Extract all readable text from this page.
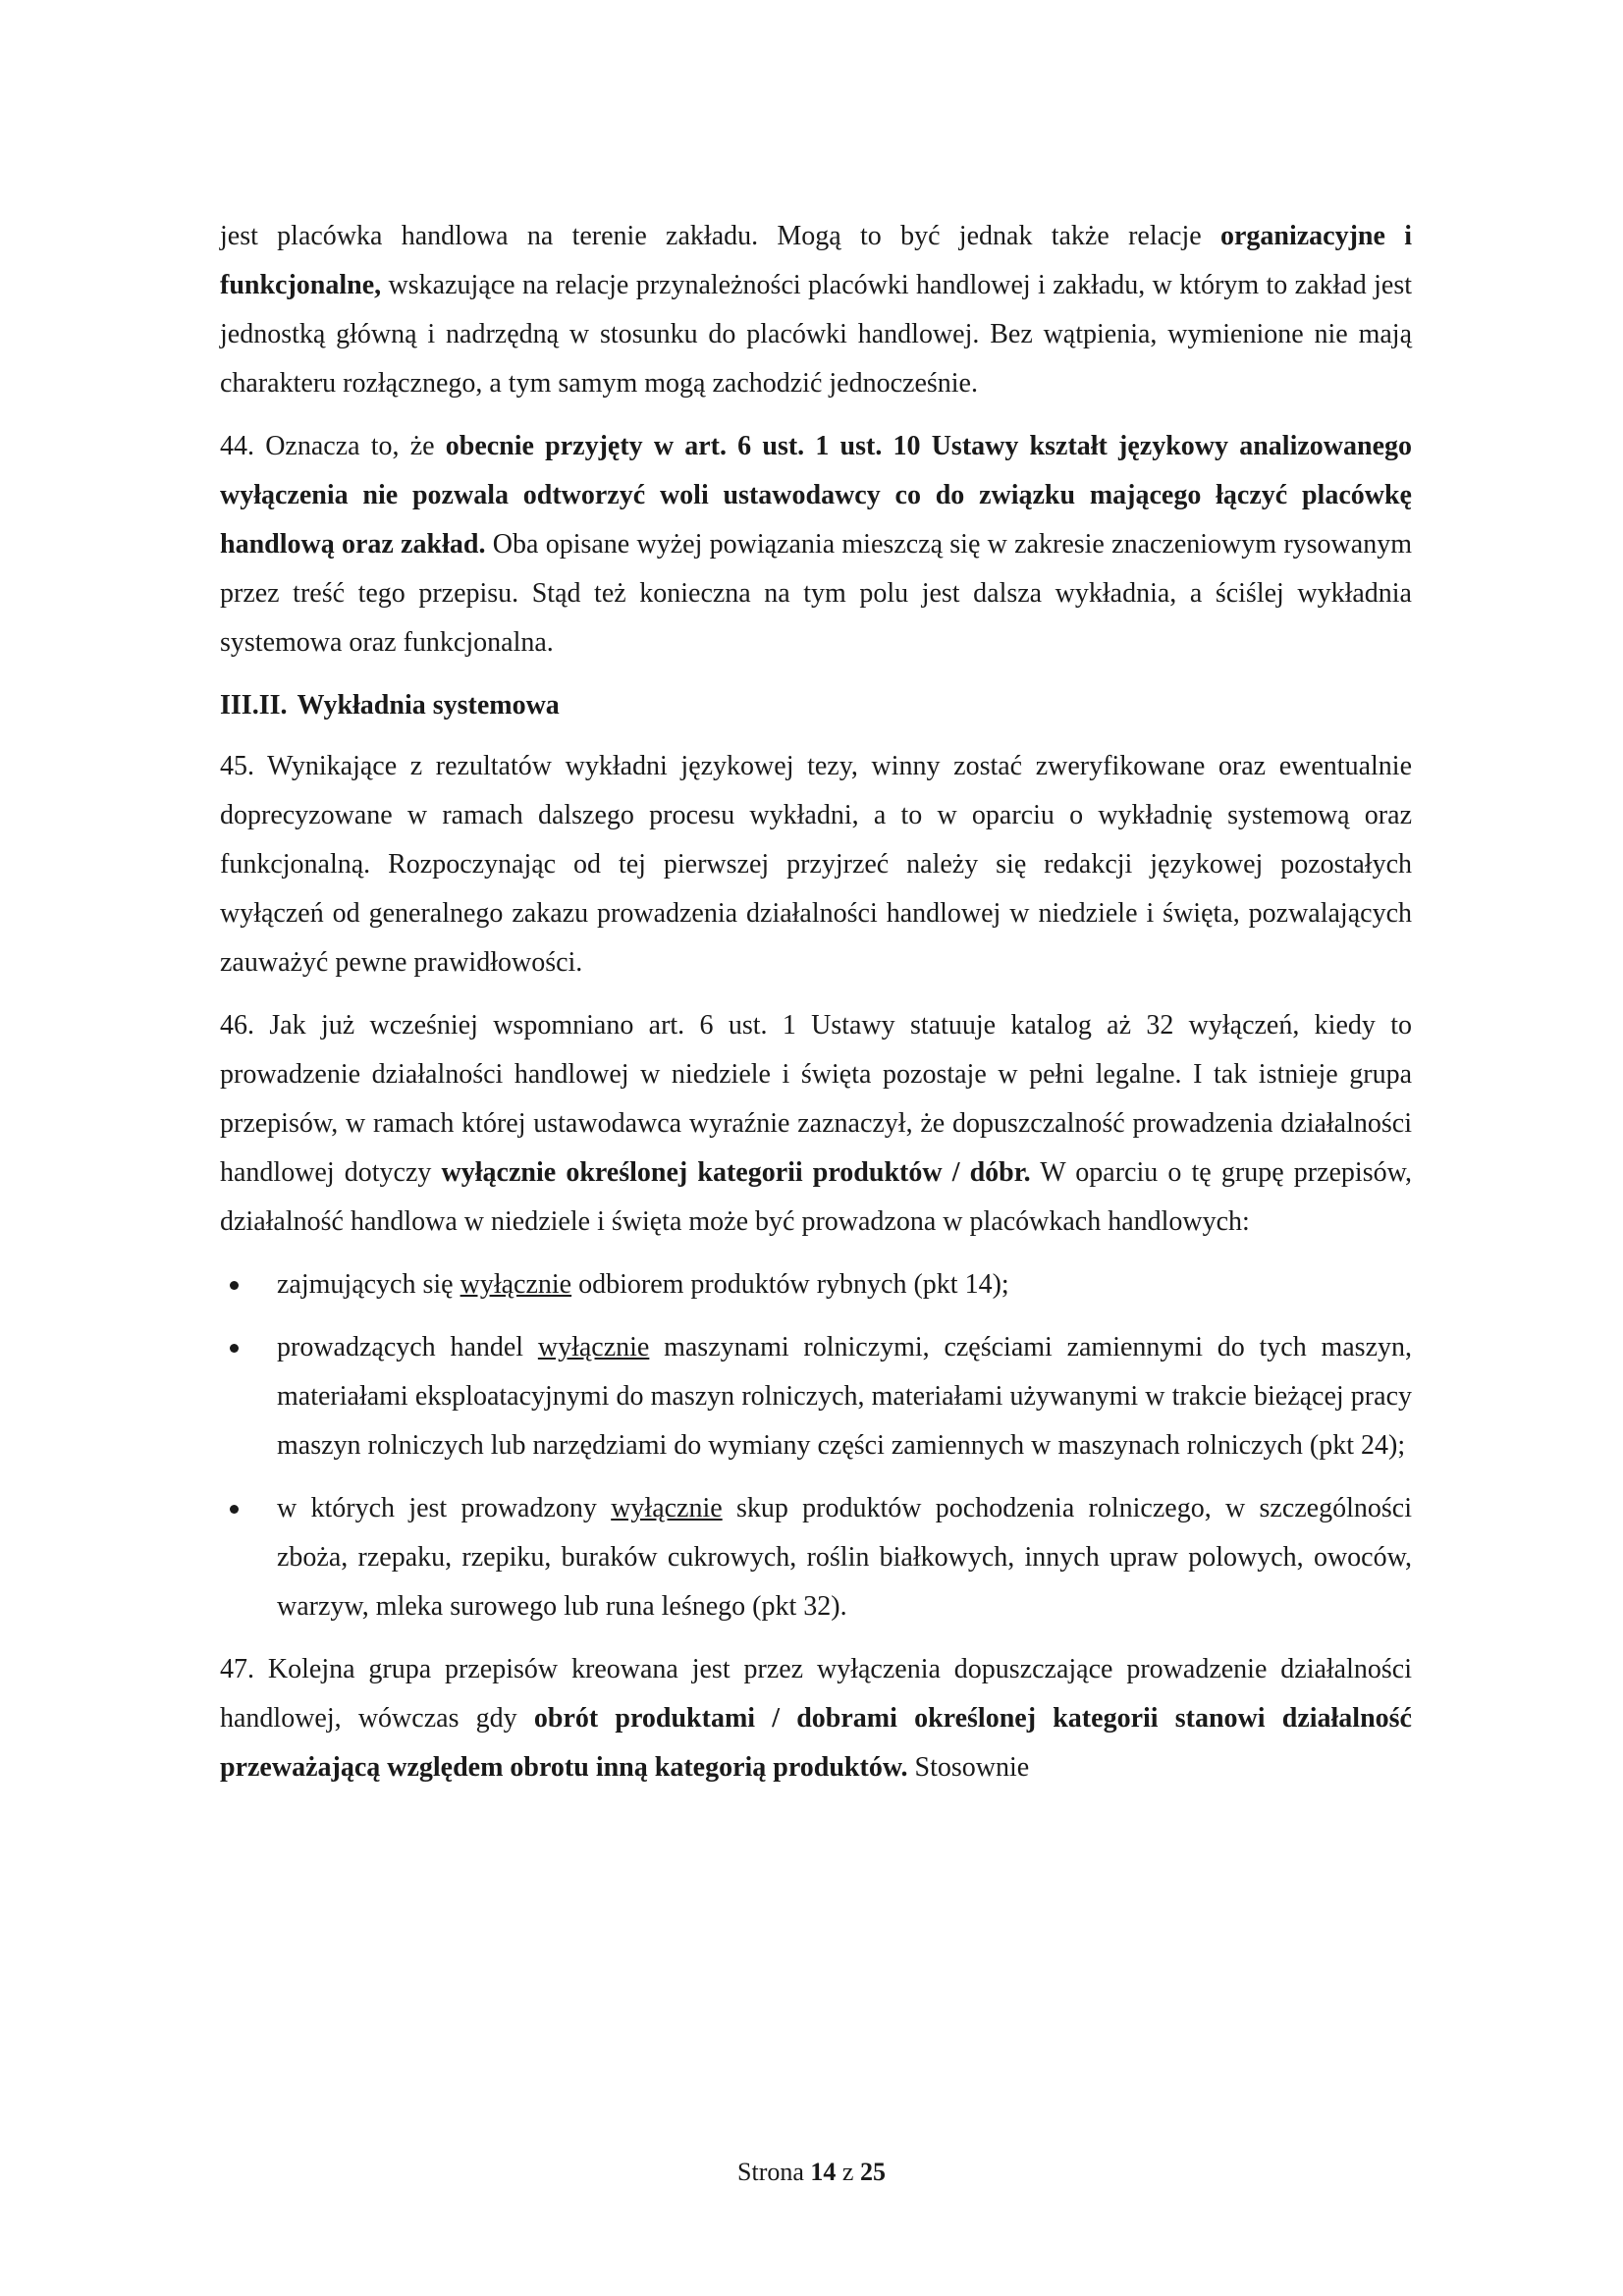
jest placówka handlowa na terenie zakładu. Mogą to być jednak także relacje organizacyjne i funkcjonalne, wskazujące na relacje przynależności placówki handlowej i zakładu, w którym to zakład jest jednostką główną i nadrzędną w stosunku do placówki handlowej. Bez wątpienia, wymienione nie mają charakteru rozłącznego, a tym samym mogą zachodzić jednocześnie.

44. Oznacza to, że obecnie przyjęty w art. 6 ust. 1 ust. 10 Ustawy kształt językowy analizowanego wyłączenia nie pozwala odtworzyć woli ustawodawcy co do związku mającego łączyć placówkę handlową oraz zakład. Oba opisane wyżej powiązania mieszczą się w zakresie znaczeniowym rysowanym przez treść tego przepisu. Stąd też konieczna na tym polu jest dalsza wykładnia, a ściślej wykładnia systemowa oraz funkcjonalna.

III.II. Wykładnia systemowa

45. Wynikające z rezultatów wykładni językowej tezy, winny zostać zweryfikowane oraz ewentualnie doprecyzowane w ramach dalszego procesu wykładni, a to w oparciu o wykładnię systemową oraz funkcjonalną. Rozpoczynając od tej pierwszej przyjrzeć należy się redakcji językowej pozostałych wyłączeń od generalnego zakazu prowadzenia działalności handlowej w niedziele i święta, pozwalających zauważyć pewne prawidłowości.

46. Jak już wcześniej wspomniano art. 6 ust. 1 Ustawy statuuje katalog aż 32 wyłączeń, kiedy to prowadzenie działalności handlowej w niedziele i święta pozostaje w pełni legalne. I tak istnieje grupa przepisów, w ramach której ustawodawca wyraźnie zaznaczył, że dopuszczalność prowadzenia działalności handlowej dotyczy wyłącznie określonej kategorii produktów / dóbr. W oparciu o tę grupę przepisów, działalność handlowa w niedziele i święta może być prowadzona w placówkach handlowych:

zajmujących się wyłącznie odbiorem produktów rybnych (pkt 14);
prowadzących handel wyłącznie maszynami rolniczymi, częściami zamiennymi do tych maszyn, materiałami eksploatacyjnymi do maszyn rolniczych, materiałami używanymi w trakcie bieżącej pracy maszyn rolniczych lub narzędziami do wymiany części zamiennych w maszynach rolniczych (pkt 24);
w których jest prowadzony wyłącznie skup produktów pochodzenia rolniczego, w szczególności zboża, rzepaku, rzepiku, buraków cukrowych, roślin białkowych, innych upraw polowych, owoców, warzyw, mleka surowego lub runa leśnego (pkt 32).

47. Kolejna grupa przepisów kreowana jest przez wyłączenia dopuszczające prowadzenie działalności handlowej, wówczas gdy obrót produktami / dobrami określonej kategorii stanowi działalność przeważającą względem obrotu inną kategorią produktów. Stosownie

Strona 14 z 25
